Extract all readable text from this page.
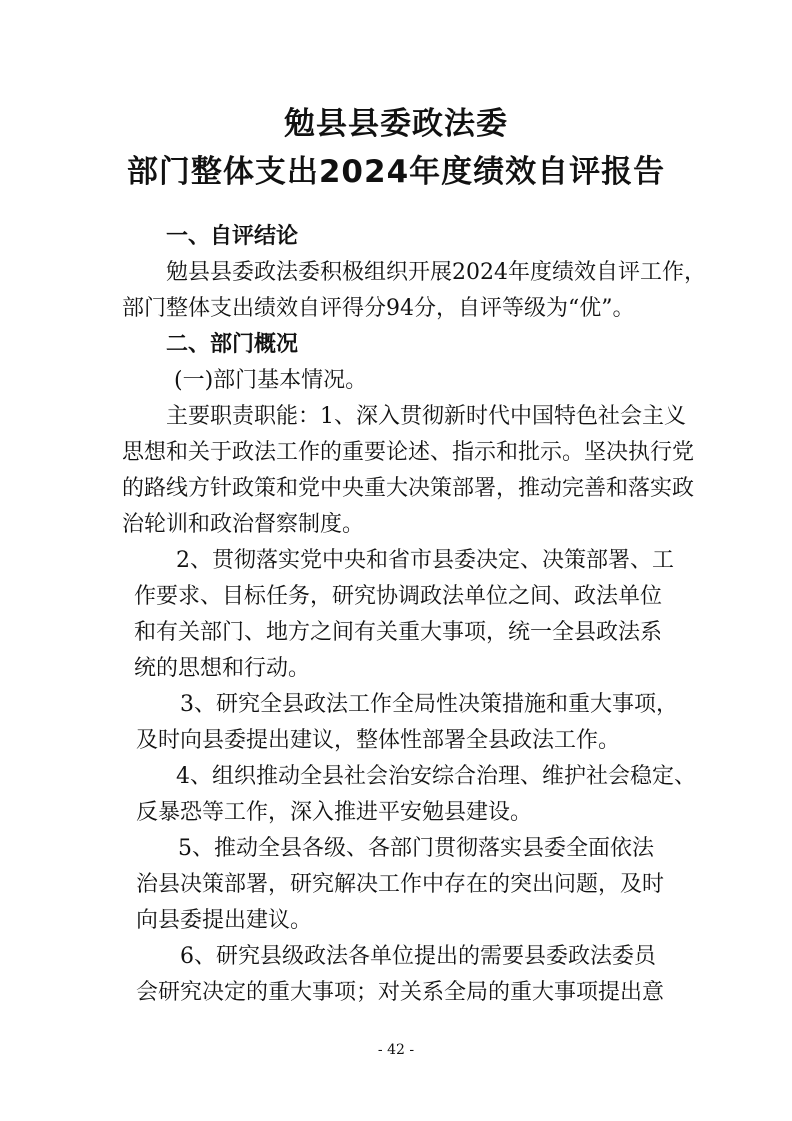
勉县县委政法委
部门整体支出2024年度绩效自评报告
一、自评结论
勉县县委政法委积极组织开展2024年度绩效自评工作，
部门整体支出绩效自评得分94分，自评等级为“优”。
二、部门概况
(一)部门基本情况。
主要职责职能：1、深入贯彻新时代中国特色社会主义
思想和关于政法工作的重要论述、指示和批示。坚决执行党
的路线方针政策和党中央重大决策部署，推动完善和落实政
治轮训和政治督察制度。
2、贯彻落实党中央和省市县委决定、决策部署、工
作要求、目标任务，研究协调政法单位之间、政法单位
和有关部门、地方之间有关重大事项，统一全县政法系
统的思想和行动。
3、研究全县政法工作全局性决策措施和重大事项，
及时向县委提出建议，整体性部署全县政法工作。
4、组织推动全县社会治安综合治理、维护社会稳定、
反暴恐等工作，深入推进平安勉县建设。
5、推动全县各级、各部门贯彻落实县委全面依法
治县决策部署，研究解决工作中存在的突出问题，及时
向县委提出建议。
6、研究县级政法各单位提出的需要县委政法委员
会研究决定的重大事项；对关系全局的重大事项提出意
- 42 -
